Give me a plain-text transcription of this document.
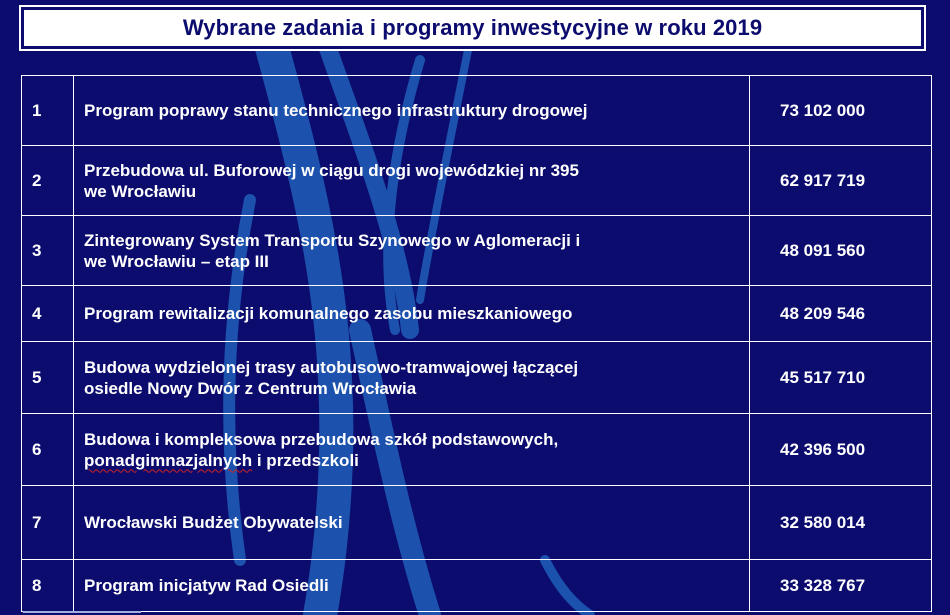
Wybrane zadania i programy inwestycyjne w roku 2019
1	Program poprawy stanu technicznego infrastruktury drogowej	73 102 000
2	Przebudowa ul. Buforowej w ciągu drogi wojewódzkiej nr 395
we Wrocławiu	62 917 719
3	Zintegrowany System Transportu Szynowego w Aglomeracji i
we Wrocławiu – etap III	48 091 560
4	Program rewitalizacji komunalnego zasobu mieszkaniowego	48 209 546
5	Budowa wydzielonej trasy autobusowo-tramwajowej łączącej
osiedle Nowy Dwór z Centrum Wrocławia	45 517 710
6	Budowa i kompleksowa przebudowa szkół podstawowych,
ponadgimnazjalnych i przedszkoli	42 396 500
7	Wrocławski Budżet Obywatelski	32 580 014
8	Program inicjatyw Rad Osiedli	33 328 767
